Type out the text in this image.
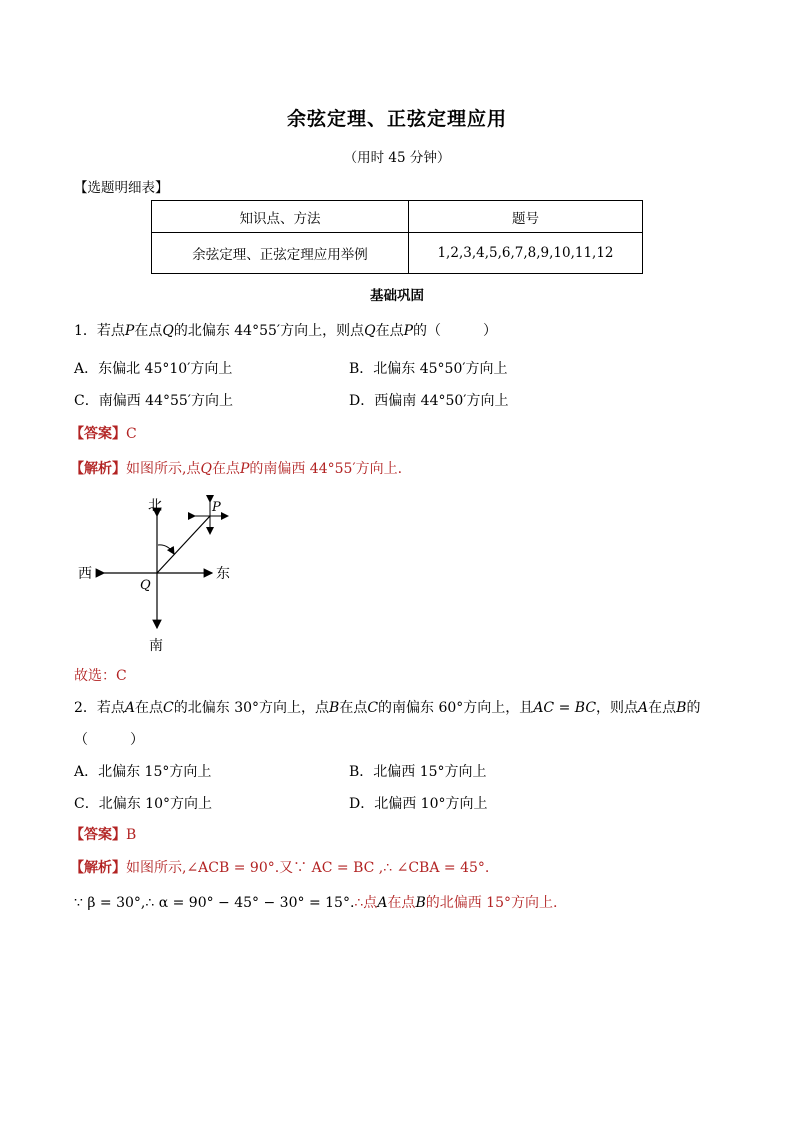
余弦定理、正弦定理应用
（用时 45 分钟）
【选题明细表】
知识点、方法	题号
余弦定理、正弦定理应用举例	1,2,3,4,5,6,7,8,9,10,11,12
基础巩固
1．若点P在点Q的北偏东 44°55′方向上，则点Q在点P的（　　　）
A．东偏北 45°10′方向上	B．北偏东 45°50′方向上
C．南偏西 44°55′方向上	D．西偏南 44°50′方向上
【答案】C
【解析】如图所示,点Q在点P的南偏西 44°55′方向上.
北
南
东
西
P
Q
故选：C
2．若点A在点C的北偏东 30°方向上，点B在点C的南偏东 60°方向上，且AC = BC，则点A在点B的
（　　　）
A．北偏东 15°方向上	B．北偏西 15°方向上
C．北偏东 10°方向上	D．北偏西 10°方向上
【答案】B
【解析】如图所示,∠ACB = 90°.又∵ AC = BC ,∴ ∠CBA = 45°.
∵ β = 30°,∴ α = 90° − 45° − 30° = 15°.∴点A在点B的北偏西 15°方向上.
